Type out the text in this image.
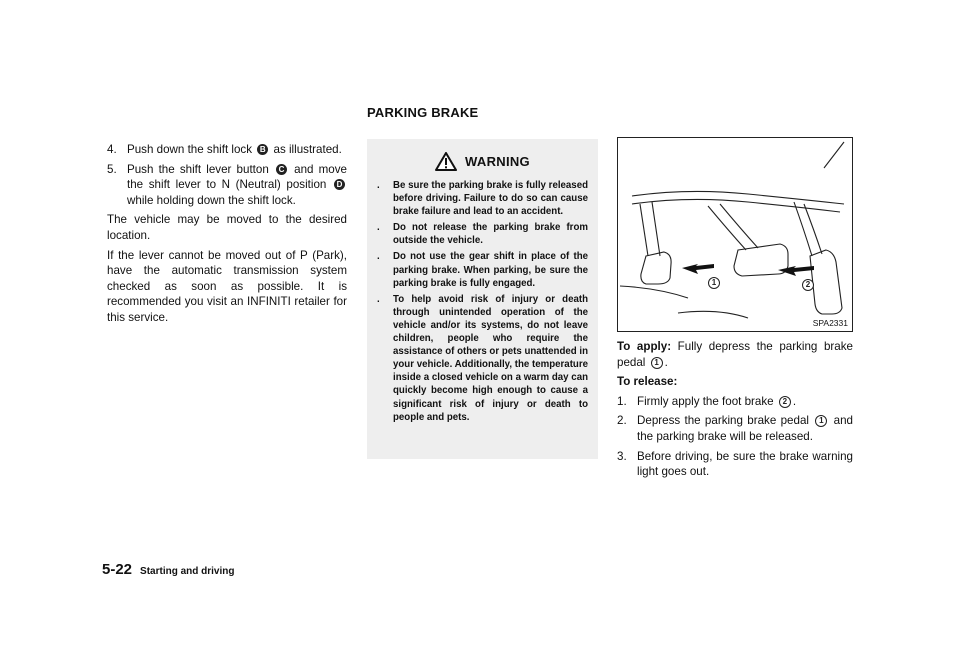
PARKING BRAKE
4. Push down the shift lock B as illustrated.
5. Push the shift lever button C and move the shift lever to N (Neutral) position D while holding down the shift lock.

The vehicle may be moved to the desired location.

If the lever cannot be moved out of P (Park), have the automatic transmission system checked as soon as possible. It is recommended you visit an INFINITI retailer for this service.

WARNING
.	Be sure the parking brake is fully released before driving. Failure to do so can cause brake failure and lead to an accident.
.	Do not release the parking brake from outside the vehicle.
.	Do not use the gear shift in place of the parking brake. When parking, be sure the parking brake is fully engaged.
.	To help avoid risk of injury or death through unintended operation of the vehicle and/or its systems, do not leave children, people who require the assistance of others or pets unattended in your vehicle. Additionally, the temperature inside a closed vehicle on a warm day can quickly become high enough to cause a significant risk of injury or death to people and pets.
1	2
SPA2331

To apply: Fully depress the parking brake pedal 1 .

To release:

1. Firmly apply the foot brake 2 .
2. Depress the parking brake pedal 1 and the parking brake will be released.
3. Before driving, be sure the brake warning light goes out.
5-22 Starting and driving
